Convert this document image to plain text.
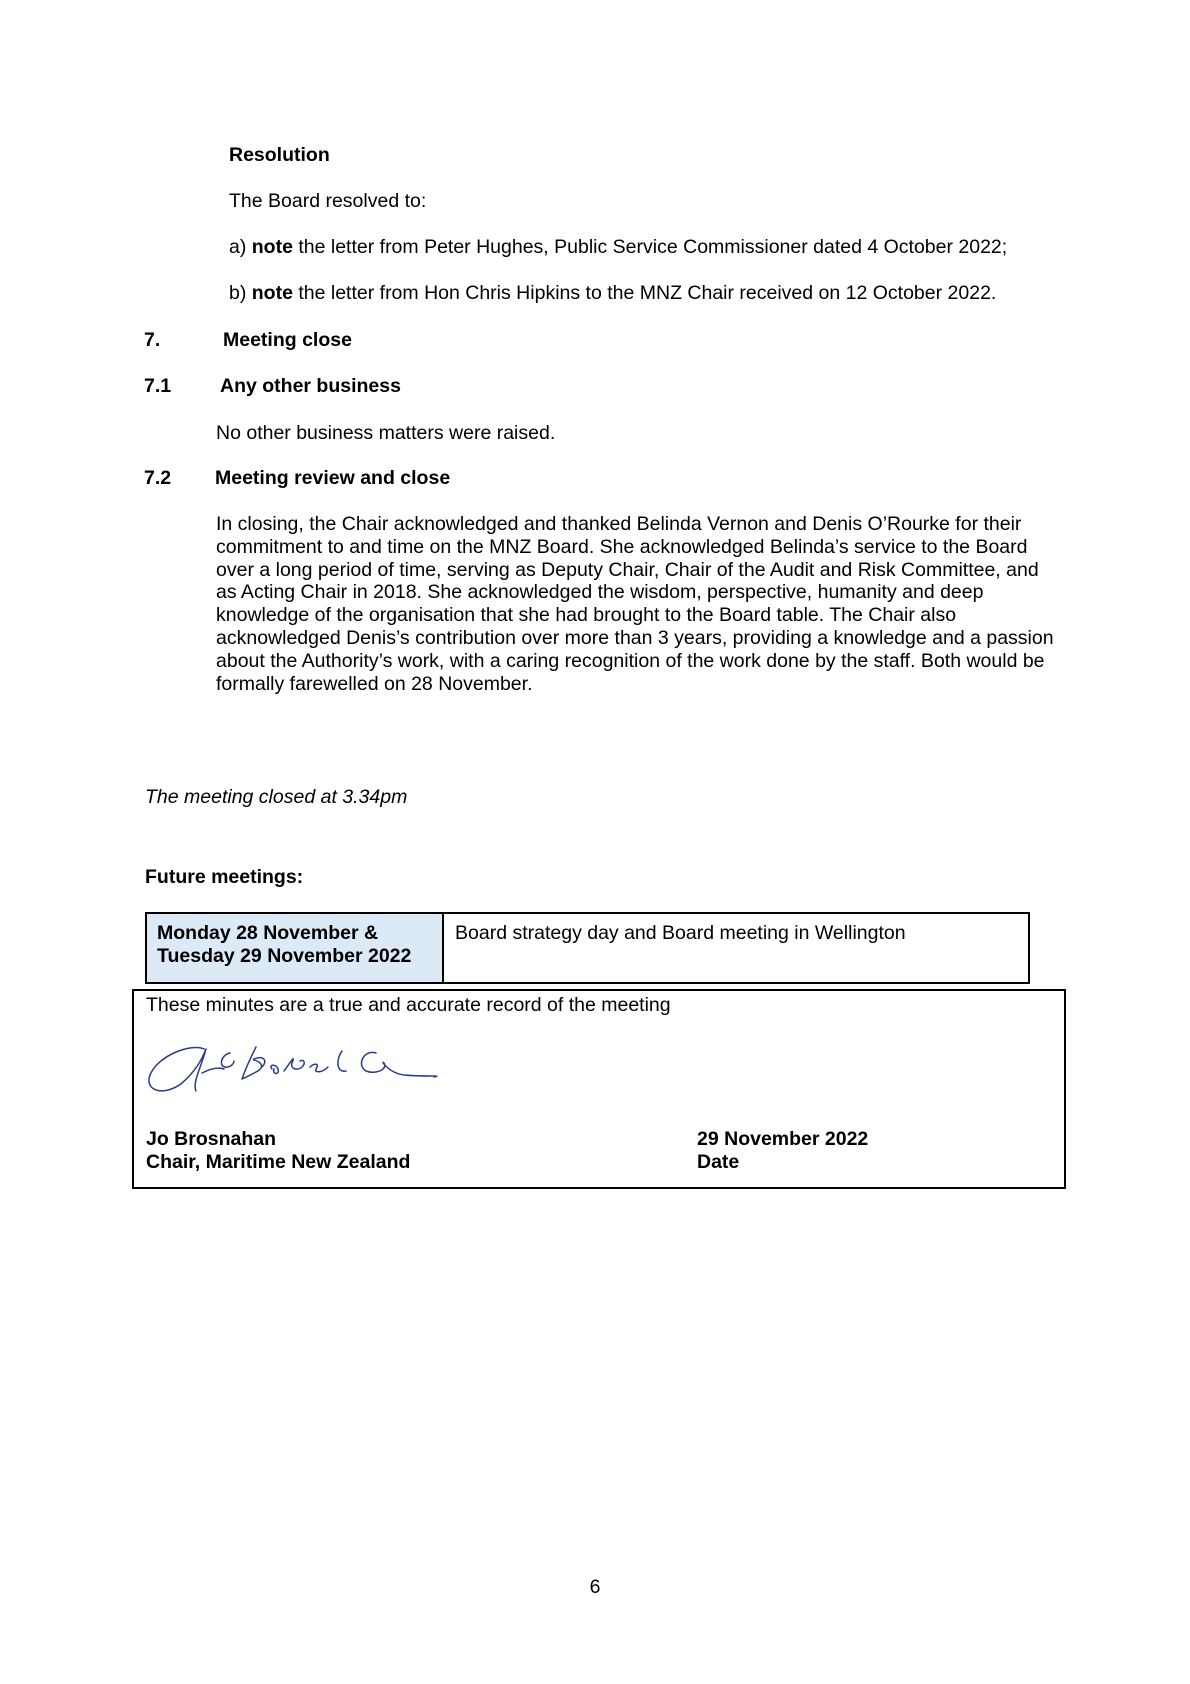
Resolution
The Board resolved to:
a) note the letter from Peter Hughes, Public Service Commissioner dated 4 October 2022;
b) note the letter from Hon Chris Hipkins to the MNZ Chair received on 12 October 2022.
7.	Meeting close
7.1	Any other business
No other business matters were raised.
7.2 Meeting review and close
In closing, the Chair acknowledged and thanked Belinda Vernon and Denis O’Rourke for their commitment to and time on the MNZ Board. She acknowledged Belinda’s service to the Board over a long period of time, serving as Deputy Chair, Chair of the Audit and Risk Committee, and as Acting Chair in 2018. She acknowledged the wisdom, perspective, humanity and deep knowledge of the organisation that she had brought to the Board table. The Chair also acknowledged Denis’s contribution over more than 3 years, providing a knowledge and a passion about the Authority’s work, with a caring recognition of the work done by the staff. Both would be formally farewelled on 28 November.
The meeting closed at 3.34pm
Future meetings:
Monday 28 November &
Tuesday 29 November 2022
Board strategy day and Board meeting in Wellington
These minutes are a true and accurate record of the meeting
Jo Brosnahan
Chair, Maritime New Zealand
29 November 2022
Date
6
